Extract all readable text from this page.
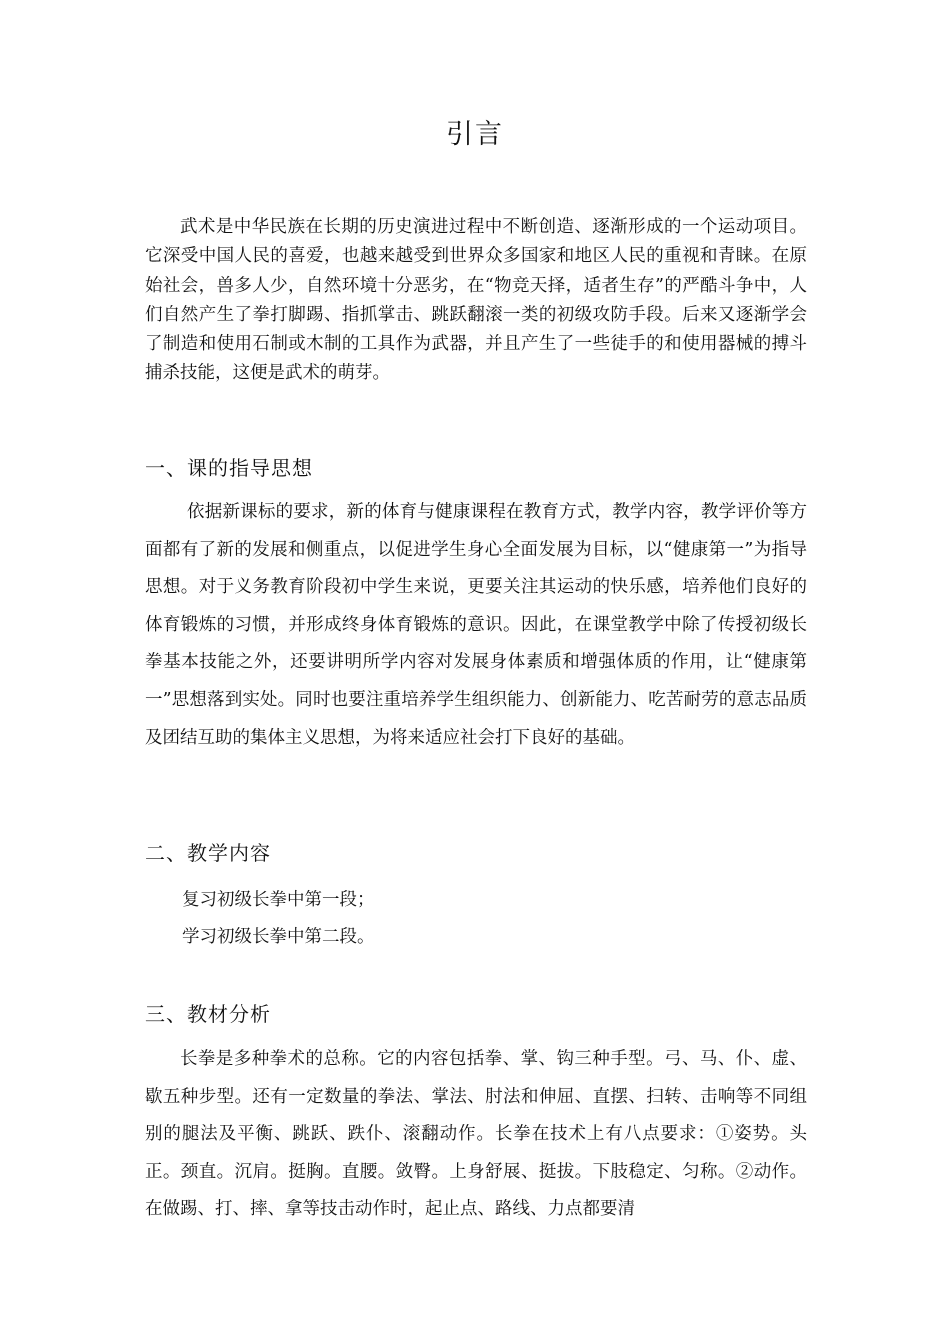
引言

武术是中华民族在长期的历史演进过程中不断创造、逐渐形成的一个运动项目。它深受中国人民的喜爱，也越来越受到世界众多国家和地区人民的重视和青睐。在原始社会，兽多人少，自然环境十分恶劣，在“物竞天择，适者生存”的严酷斗争中，人们自然产生了拳打脚踢、指抓掌击、跳跃翻滚一类的初级攻防手段。后来又逐渐学会了制造和使用石制或木制的工具作为武器，并且产生了一些徒手的和使用器械的搏斗捕杀技能，这便是武术的萌芽。

一、课的指导思想

依据新课标的要求，新的体育与健康课程在教育方式，教学内容，教学评价等方面都有了新的发展和侧重点，以促进学生身心全面发展为目标，以“健康第一”为指导思想。对于义务教育阶段初中学生来说，更要关注其运动的快乐感，培养他们良好的体育锻炼的习惯，并形成终身体育锻炼的意识。因此，在课堂教学中除了传授初级长拳基本技能之外，还要讲明所学内容对发展身体素质和增强体质的作用，让“健康第一”思想落到实处。同时也要注重培养学生组织能力、创新能力、吃苦耐劳的意志品质及团结互助的集体主义思想，为将来适应社会打下良好的基础。

二、教学内容
复习初级长拳中第一段；
学习初级长拳中第二段。
三、教材分析

长拳是多种拳术的总称。它的内容包括拳、掌、钩三种手型。弓、马、仆、虚、歇五种步型。还有一定数量的拳法、掌法、肘法和伸屈、直摆、扫转、击响等不同组别的腿法及平衡、跳跃、跌仆、滚翻动作。长拳在技术上有八点要求：①姿势。头正。颈直。沉肩。挺胸。直腰。敛臀。上身舒展、挺拔。下肢稳定、匀称。②动作。在做踢、打、摔、拿等技击动作时，起止点、路线、力点都要清
